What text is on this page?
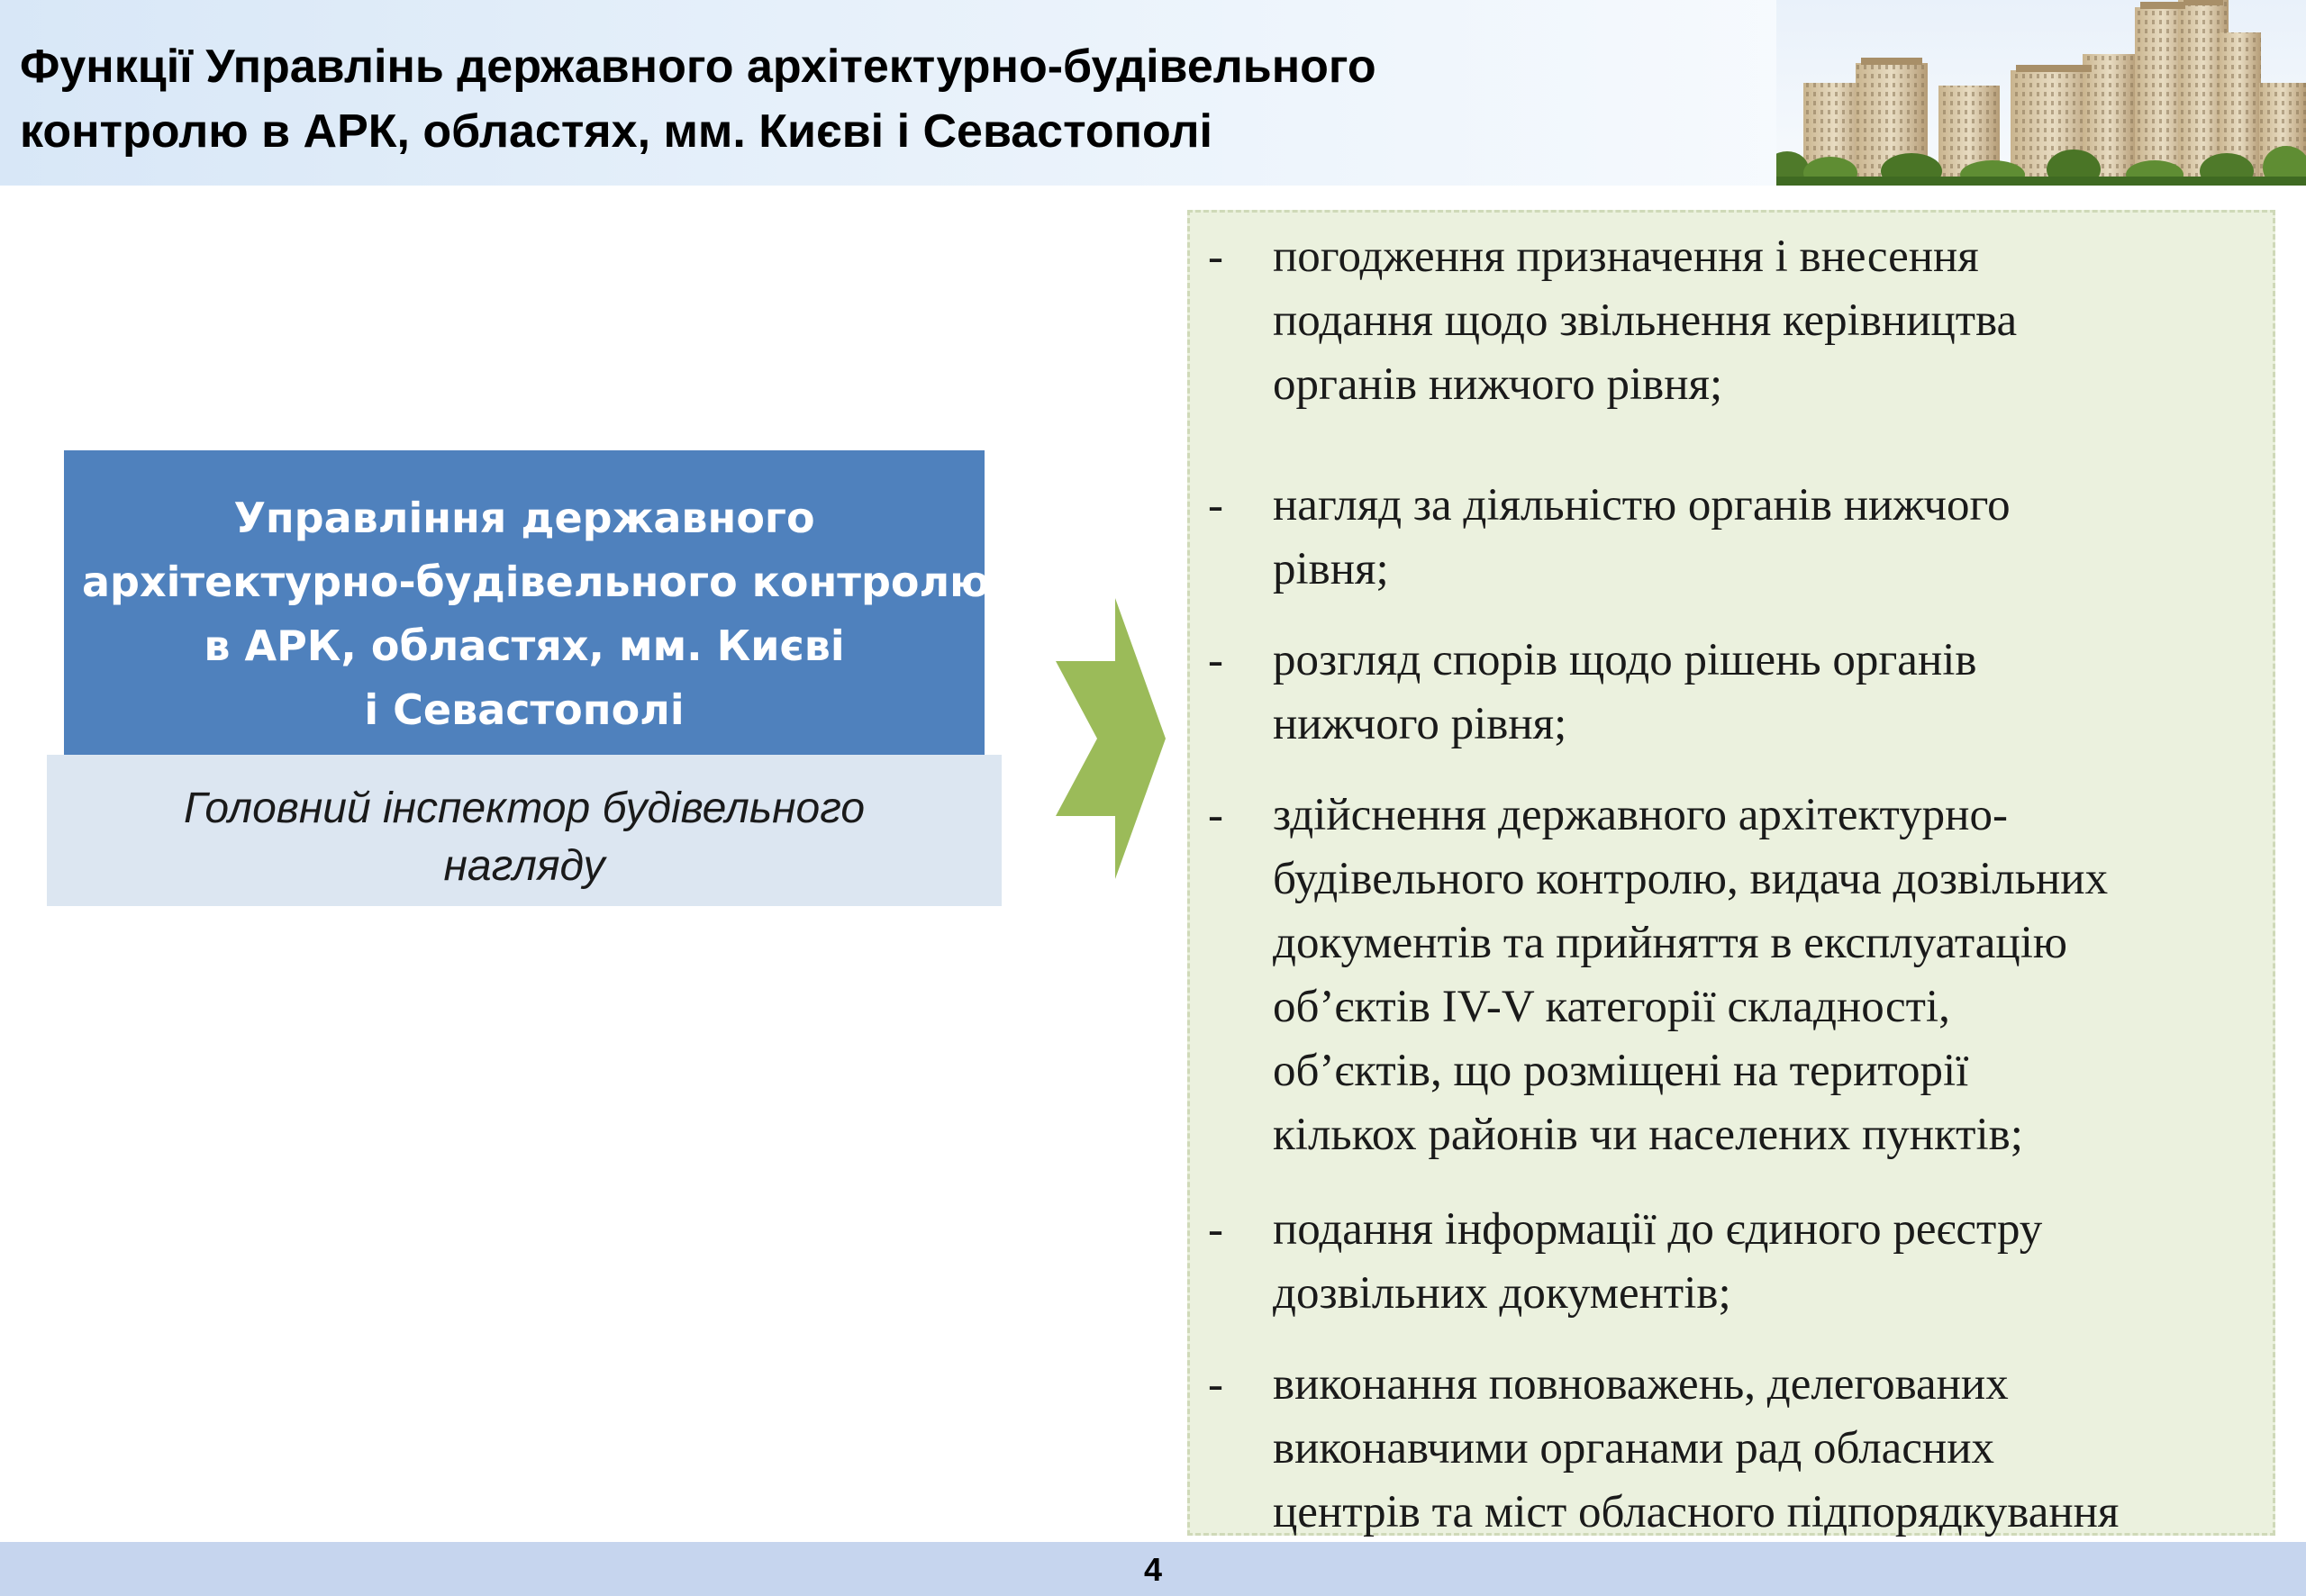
Функції Управлінь державного архітектурно-будівельного
контролю в АРК, областях, мм. Києві і Севастополі
Управління державного
архітектурно-будівельного контролю
в АРК, областях, мм. Києві
і Севастополі
Головний інспектор будівельного
нагляду
- погодження призначення і внесення
подання щодо звільнення керівництва
органів нижчого рівня;
- нагляд за діяльністю органів нижчого
рівня;
- розгляд спорів щодо рішень органів
нижчого рівня;
- здійснення державного архітектурно-
будівельного контролю, видача дозвільних
документів та прийняття в експлуатацію
об’єктів IV-V категорії складності,
об’єктів, що розміщені на території
кількох районів чи населених пунктів;
- подання інформації до єдиного реєстру
дозвільних документів;
- виконання повноважень, делегованих
виконавчими органами рад обласних
центрів та міст обласного підпорядкування
4
